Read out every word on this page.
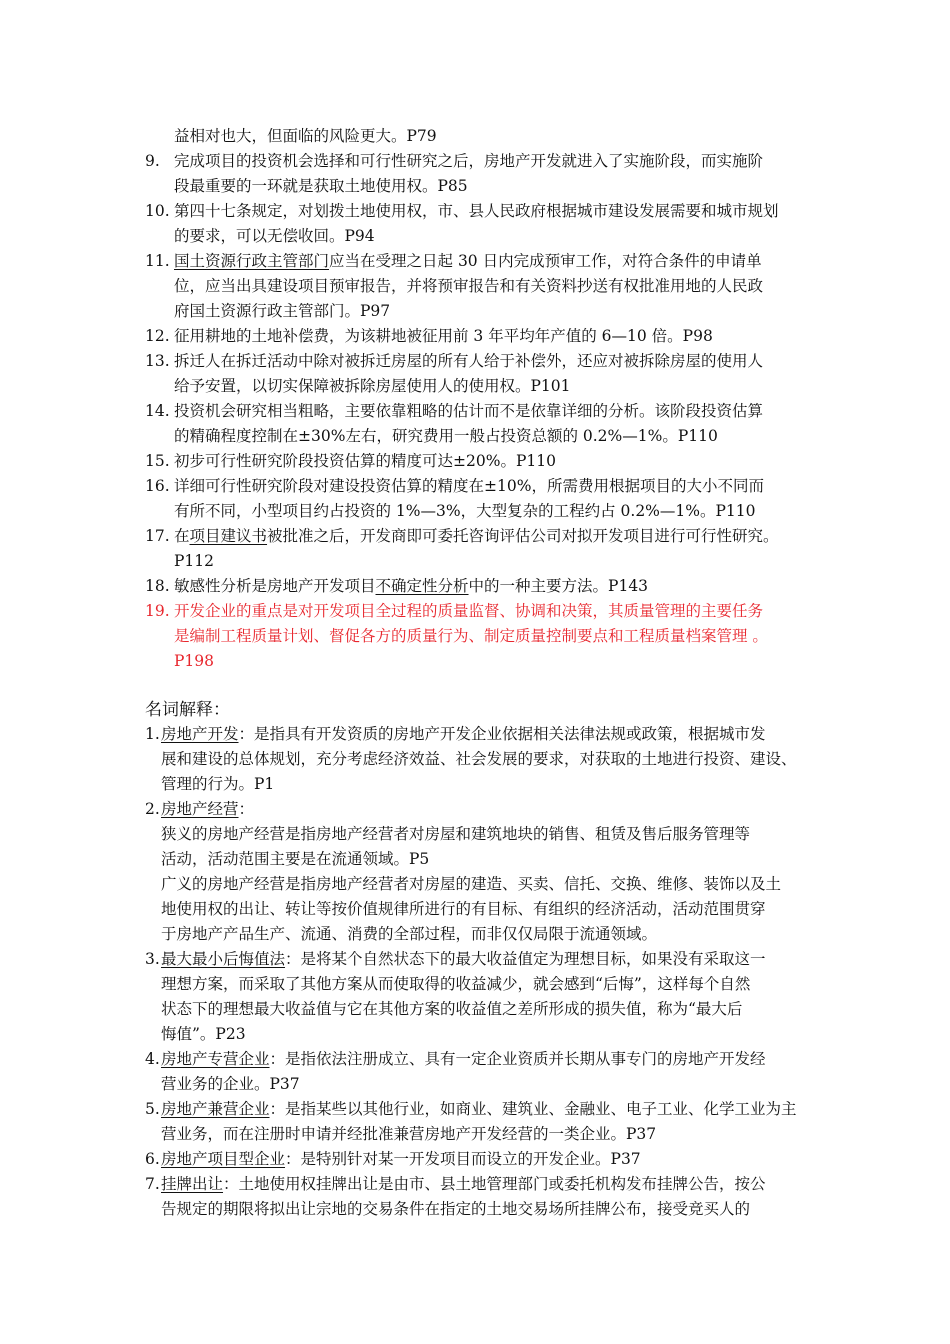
益相对也大，但面临的风险更大。P79
9. 完成项目的投资机会选择和可行性研究之后，房地产开发就进入了实施阶段，而实施阶
段最重要的一环就是获取土地使用权。P85
10. 第四十七条规定，对划拨土地使用权，市、县人民政府根据城市建设发展需要和城市规划
的要求，可以无偿收回。P94
11. 国土资源行政主管部门应当在受理之日起 30 日内完成预审工作，对符合条件的申请单
位，应当出具建设项目预审报告，并将预审报告和有关资料抄送有权批准用地的人民政
府国土资源行政主管部门。P97
12. 征用耕地的土地补偿费，为该耕地被征用前 3 年平均年产值的 6—10 倍。P98
13. 拆迁人在拆迁活动中除对被拆迁房屋的所有人给于补偿外，还应对被拆除房屋的使用人
给予安置，以切实保障被拆除房屋使用人的使用权。P101
14. 投资机会研究相当粗略，主要依靠粗略的估计而不是依靠详细的分析。该阶段投资估算
的精确程度控制在±30%左右，研究费用一般占投资总额的 0.2%—1%。P110
15. 初步可行性研究阶段投资估算的精度可达±20%。P110
16. 详细可行性研究阶段对建设投资估算的精度在±10%，所需费用根据项目的大小不同而
有所不同，小型项目约占投资的 1%—3%，大型复杂的工程约占 0.2%—1%。P110
17. 在项目建议书被批准之后，开发商即可委托咨询评估公司对拟开发项目进行可行性研究。
P112
18. 敏感性分析是房地产开发项目不确定性分析中的一种主要方法。P143
19. 开发企业的重点是对开发项目全过程的质量监督、协调和决策，其质量管理的主要任务
是编制工程质量计划、督促各方的质量行为、制定质量控制要点和工程质量档案管理 。
P198
名词解释：
1. 房地产开发：是指具有开发资质的房地产开发企业依据相关法律法规或政策，根据城市发
展和建设的总体规划，充分考虑经济效益、社会发展的要求，对获取的土地进行投资、建设、
管理的行为。P1
2. 房地产经营：
狭义的房地产经营是指房地产经营者对房屋和建筑地块的销售、租赁及售后服务管理等
活动，活动范围主要是在流通领域。P5
广义的房地产经营是指房地产经营者对房屋的建造、买卖、信托、交换、维修、装饰以及土
地使用权的出让、转让等按价值规律所进行的有目标、有组织的经济活动，活动范围贯穿
于房地产产品生产、流通、消费的全部过程，而非仅仅局限于流通领域。
3. 最大最小后悔值法：是将某个自然状态下的最大收益值定为理想目标，如果没有采取这一
理想方案，而采取了其他方案从而使取得的收益减少，就会感到“后悔”，这样每个自然
状态下的理想最大收益值与它在其他方案的收益值之差所形成的损失值，称为“最大后
悔值”。P23
4. 房地产专营企业：是指依法注册成立、具有一定企业资质并长期从事专门的房地产开发经
营业务的企业。P37
5. 房地产兼营企业：是指某些以其他行业，如商业、建筑业、金融业、电子工业、化学工业为主
营业务，而在注册时申请并经批准兼营房地产开发经营的一类企业。P37
6. 房地产项目型企业：是特别针对某一开发项目而设立的开发企业。P37
7. 挂牌出让：土地使用权挂牌出让是由市、县土地管理部门或委托机构发布挂牌公告，按公
告规定的期限将拟出让宗地的交易条件在指定的土地交易场所挂牌公布，接受竞买人的
